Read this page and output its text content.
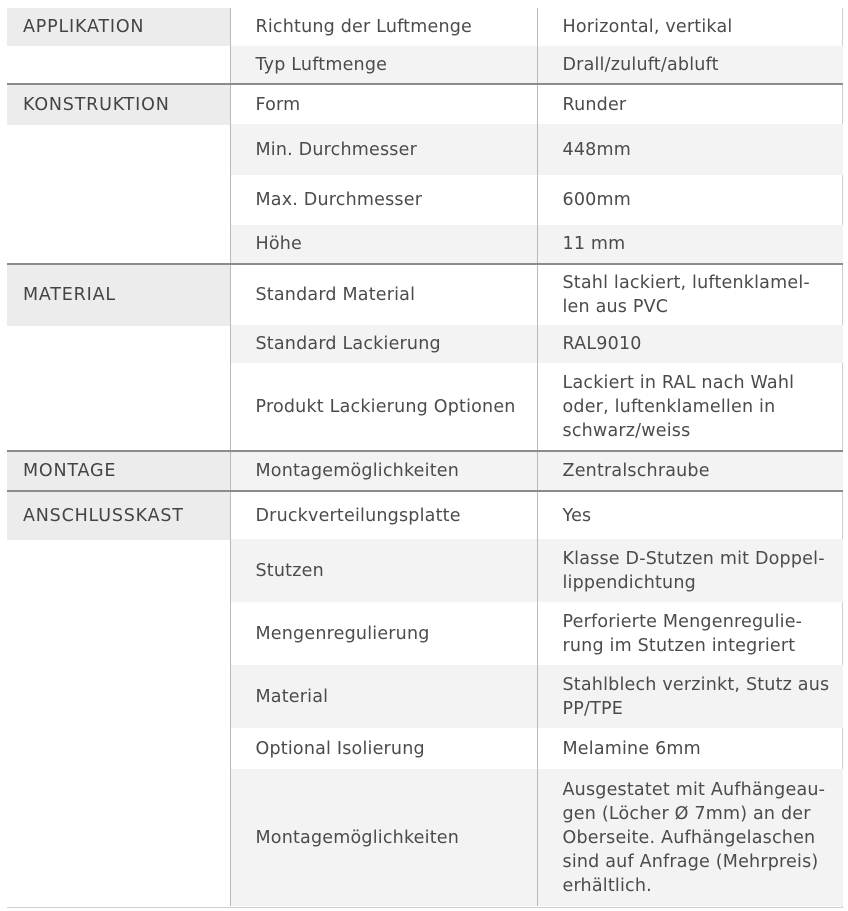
APPLIKATION	Richtung der Luftmenge	Horizontal, vertikal
	Typ Luftmenge	Drall/zuluft/abluft

KONSTRUKTION	Form	Runder
	Min. Durchmesser	448mm
	Max. Durchmesser	600mm
	Höhe	11 mm

MATERIAL	Standard Material	Stahl lackiert, luftenklamel-
len aus PVC
	Standard Lackierung	RAL9010
	Produkt Lackierung Optionen	Lackiert in RAL nach Wahl
oder, luftenklamellen in
schwarz/weiss

MONTAGE	Montagemöglichkeiten	Zentralschraube

ANSCHLUSSKAST	Druckverteilungsplatte	Yes
	Stutzen	Klasse D-Stutzen mit Doppel-
lippendichtung
	Mengenregulierung	Perforierte Mengenregulie-
rung im Stutzen integriert
	Material	Stahlblech verzinkt, Stutz aus
PP/TPE
	Optional Isolierung	Melamine 6mm
	Montagemöglichkeiten	Ausgestatet mit Aufhängeau-
gen (Löcher Ø 7mm) an der
Oberseite. Aufhängelaschen
sind auf Anfrage (Mehrpreis)
erhältlich.
